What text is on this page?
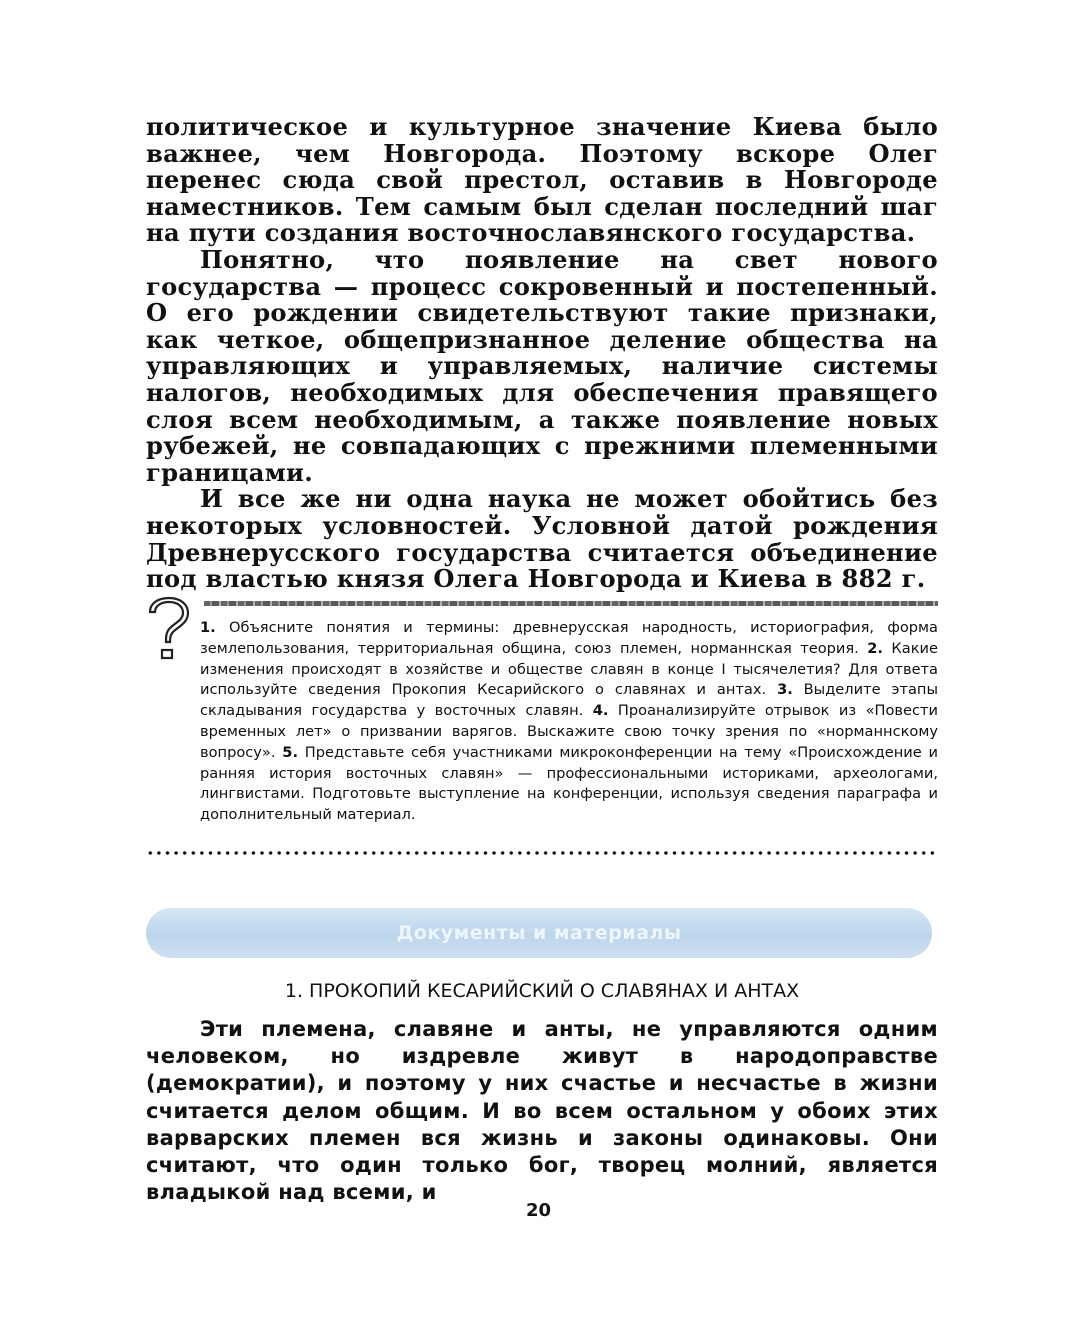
политическое и культурное значение Киева было важнее, чем Новгорода. Поэтому вскоре Олег перенес сюда свой престол, оставив в Новгороде наместников. Тем самым был сделан последний шаг на пути создания восточнославянского государства.

Понятно, что появление на свет нового государства — процесс сокровенный и постепенный. О его рождении свидетельствуют такие признаки, как четкое, общепризнанное деление общества на управляющих и управляемых, наличие системы налогов, необходимых для обеспечения правящего слоя всем необходимым, а также появление новых рубежей, не совпадающих с прежними племенными границами.

И все же ни одна наука не может обойтись без некоторых условностей. Условной датой рождения Древнерусского государства считается объединение под властью князя Олега Новгорода и Киева в 882 г.

1. Объясните понятия и термины: древнерусская народность, историография, форма землепользования, территориальная община, союз племен, норманнская теория. 2. Какие изменения происходят в хозяйстве и обществе славян в конце I тысячелетия? Для ответа используйте сведения Прокопия Кесарийского о славянах и антах. 3. Выделите этапы складывания государства у восточных славян. 4. Проанализируйте отрывок из «Повести временных лет» о призвании варягов. Выскажите свою точку зрения по «норманнскому вопросу». 5. Представьте себя участниками микроконференции на тему «Происхождение и ранняя история восточных славян» — профессиональными историками, археологами, лингвистами. Подготовьте выступление на конференции, используя сведения параграфа и дополнительный материал.
Документы и материалы
1. ПРОКОПИЙ КЕСАРИЙСКИЙ О СЛАВЯНАХ И АНТАХ

Эти племена, славяне и анты, не управляются одним человеком, но издревле живут в народоправстве (демократии), и поэтому у них счастье и несчастье в жизни считается делом общим. И во всем остальном у обоих этих варварских племен вся жизнь и законы одинаковы. Они считают, что один только бог, творец молний, является владыкой над всеми, и

20
